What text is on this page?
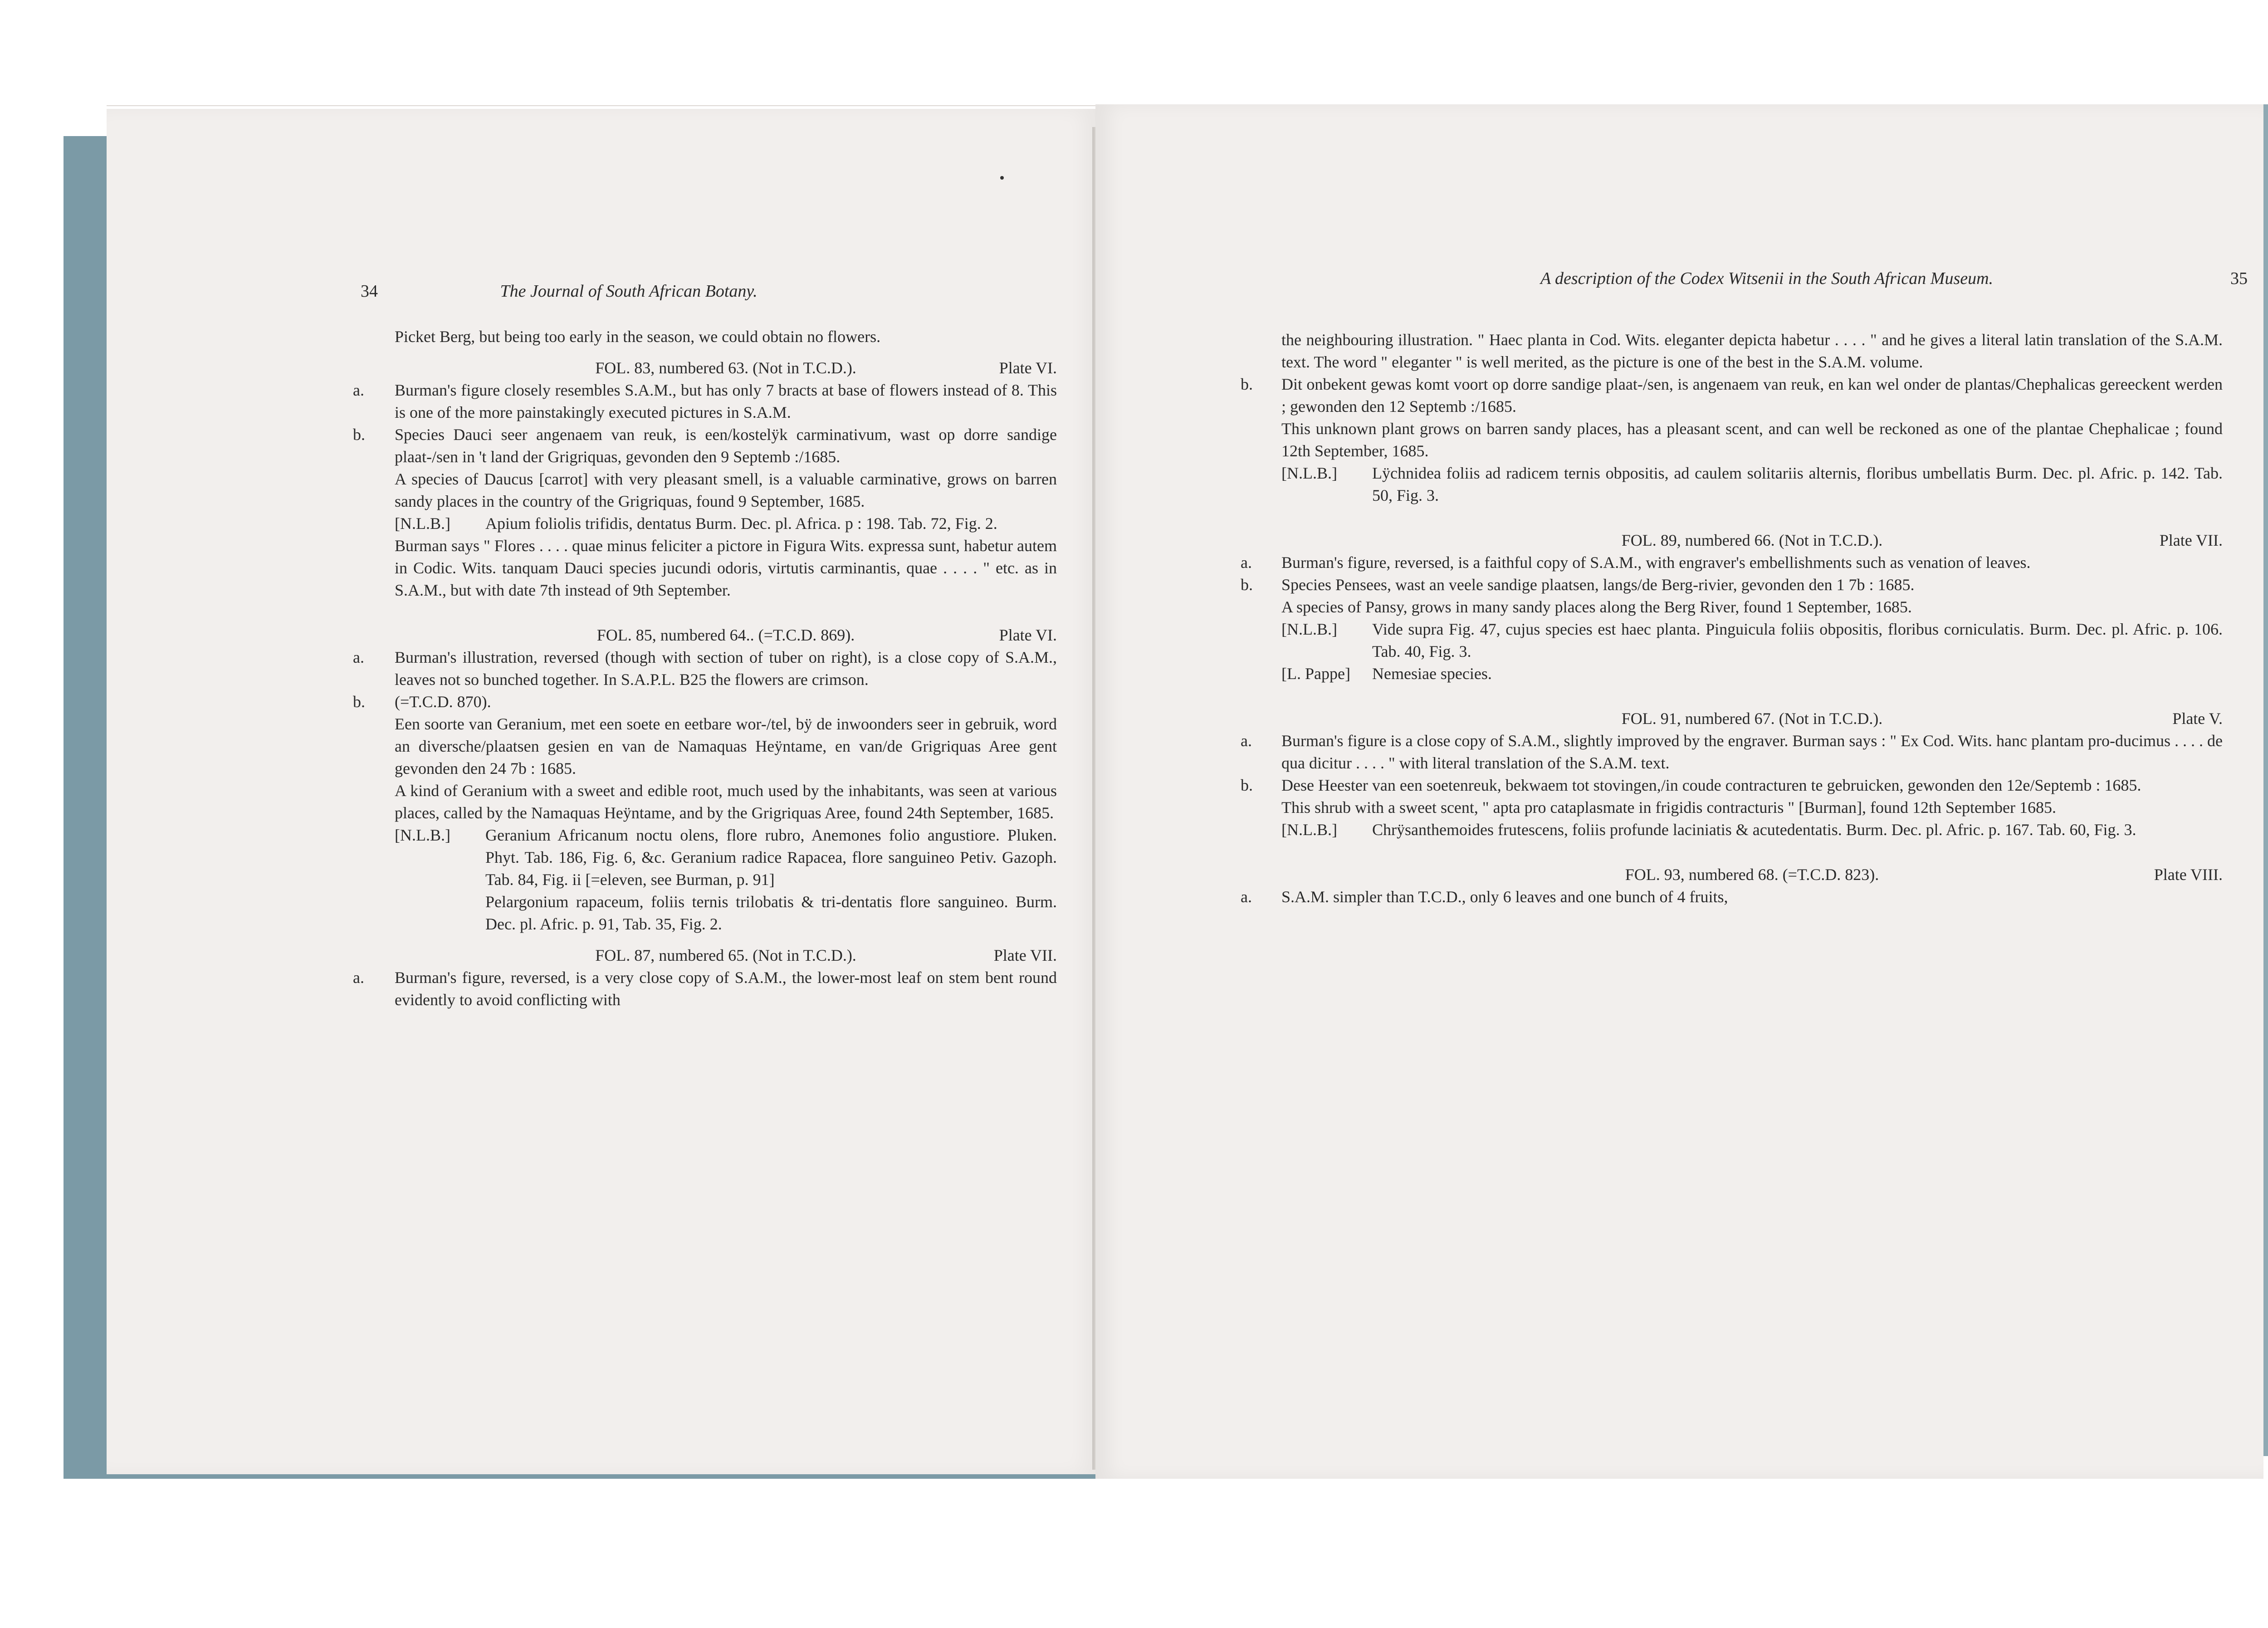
34	The Journal of South African Botany.

Picket Berg, but being too early in the season, we could obtain no flowers.

FOL. 83, numbered 63. (Not in T.C.D.).	Plate VI.
a. Burman's figure closely resembles S.A.M., but has only 7 bracts at base of flowers instead of 8. This is one of the more painstakingly executed pictures in S.A.M.
b. Species Dauci seer angenaem van reuk, is een/kostelÿk carminativum, wast op dorre sandige plaat-/sen in 't land der Grigriquas, gevonden den 9 Septemb :/1685.

A species of Daucus [carrot] with very pleasant smell, is a valuable carminative, grows on barren sandy places in the country of the Grigriquas, found 9 September, 1685.

[N.L.B.] Apium foliolis trifidis, dentatus Burm. Dec. pl. Africa. p : 198. Tab. 72, Fig. 2.

Burman says " Flores . . . . quae minus feliciter a pictore in Figura Wits. expressa sunt, habetur autem in Codic. Wits. tanquam Dauci species jucundi odoris, virtutis carminantis, quae . . . . " etc. as in S.A.M., but with date 7th instead of 9th September.

FOL. 85, numbered 64.. (=T.C.D. 869).	Plate VI.
a. Burman's illustration, reversed (though with section of tuber on right), is a close copy of S.A.M., leaves not so bunched together. In S.A.P.L. B25 the flowers are crimson.
b. (=T.C.D. 870).

Een soorte van Geranium, met een soete en eetbare wor-/tel, bÿ de inwoonders seer in gebruik, word an diversche/plaatsen gesien en van de Namaquas Heÿntame, en van/de Grigriquas Aree gent gevonden den 24 7b : 1685.

A kind of Geranium with a sweet and edible root, much used by the inhabitants, was seen at various places, called by the Namaquas Heÿntame, and by the Grigriquas Aree, found 24th September, 1685.

[N.L.B.] Geranium Africanum noctu olens, flore rubro, Anemones folio angustiore. Pluken. Phyt. Tab. 186, Fig. 6, &c. Geranium radice Rapacea, flore sanguineo Petiv. Gazoph. Tab. 84, Fig. ii [=eleven, see Burman, p. 91]
Pelargonium rapaceum, foliis ternis trilobatis & tri-dentatis flore sanguineo. Burm. Dec. pl. Afric. p. 91, Tab. 35, Fig. 2.
FOL. 87, numbered 65. (Not in T.C.D.).	Plate VII.
a. Burman's figure, reversed, is a very close copy of S.A.M., the lower-most leaf on stem bent round evidently to avoid conflicting with
A description of the Codex Witsenii in the South African Museum.	35

the neighbouring illustration. " Haec planta in Cod. Wits. eleganter depicta habetur . . . . " and he gives a literal latin translation of the S.A.M. text. The word " eleganter " is well merited, as the picture is one of the best in the S.A.M. volume.

b. Dit onbekent gewas komt voort op dorre sandige plaat-/sen, is angenaem van reuk, en kan wel onder de plantas/Chephalicas gereeckent werden ; gewonden den 12 Septemb :/1685.

This unknown plant grows on barren sandy places, has a pleasant scent, and can well be reckoned as one of the plantae Chephalicae ; found 12th September, 1685.

[N.L.B.] Lÿchnidea foliis ad radicem ternis obpositis, ad caulem solitariis alternis, floribus umbellatis Burm. Dec. pl. Afric. p. 142. Tab. 50, Fig. 3.
FOL. 89, numbered 66. (Not in T.C.D.).	Plate VII.
a. Burman's figure, reversed, is a faithful copy of S.A.M., with engraver's embellishments such as venation of leaves.
b. Species Pensees, wast an veele sandige plaatsen, langs/de Berg-rivier, gevonden den 1 7b : 1685.

A species of Pansy, grows in many sandy places along the Berg River, found 1 September, 1685.

[N.L.B.] Vide supra Fig. 47, cujus species est haec planta. Pinguicula foliis obpositis, floribus corniculatis. Burm. Dec. pl. Afric. p. 106. Tab. 40, Fig. 3.
[L. Pappe] Nemesiae species.
FOL. 91, numbered 67. (Not in T.C.D.).	Plate V.
a. Burman's figure is a close copy of S.A.M., slightly improved by the engraver. Burman says : " Ex Cod. Wits. hanc plantam pro-ducimus . . . . de qua dicitur . . . . " with literal translation of the S.A.M. text.
b. Dese Heester van een soetenreuk, bekwaem tot stovingen,/in coude contracturen te gebruicken, gewonden den 12e/Septemb : 1685.

This shrub with a sweet scent, " apta pro cataplasmate in frigidis contracturis " [Burman], found 12th September 1685.

[N.L.B.] Chrÿsanthemoides frutescens, foliis profunde laciniatis & acutedentatis. Burm. Dec. pl. Afric. p. 167. Tab. 60, Fig. 3.
FOL. 93, numbered 68. (=T.C.D. 823).	Plate VIII.
a. S.A.M. simpler than T.C.D., only 6 leaves and one bunch of 4 fruits,
